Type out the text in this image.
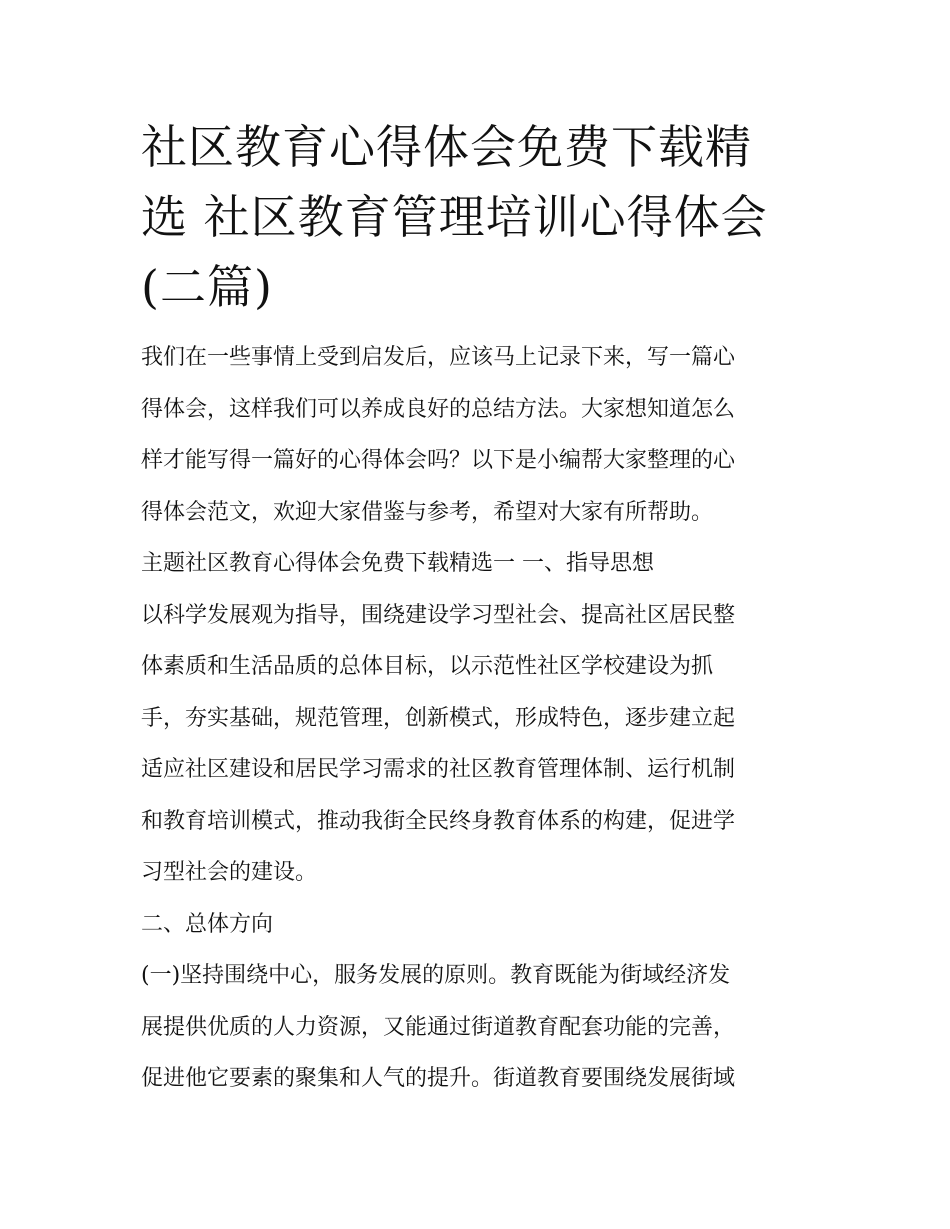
社区教育心得体会免费下载精
选 社区教育管理培训心得体会
(二篇)

我们在一些事情上受到启发后，应该马上记录下来，写一篇心
得体会，这样我们可以养成良好的总结方法。大家想知道怎么
样才能写得一篇好的心得体会吗？以下是小编帮大家整理的心
得体会范文，欢迎大家借鉴与参考，希望对大家有所帮助。

主题社区教育心得体会免费下载精选一 一、指导思想

以科学发展观为指导，围绕建设学习型社会、提高社区居民整
体素质和生活品质的总体目标，以示范性社区学校建设为抓
手，夯实基础，规范管理，创新模式，形成特色，逐步建立起
适应社区建设和居民学习需求的社区教育管理体制、运行机制
和教育培训模式，推动我街全民终身教育体系的构建，促进学
习型社会的建设。

二、总体方向

(一)坚持围绕中心，服务发展的原则。教育既能为街域经济发
展提供优质的人力资源，又能通过街道教育配套功能的完善，
促进他它要素的聚集和人气的提升。街道教育要围绕发展街域
